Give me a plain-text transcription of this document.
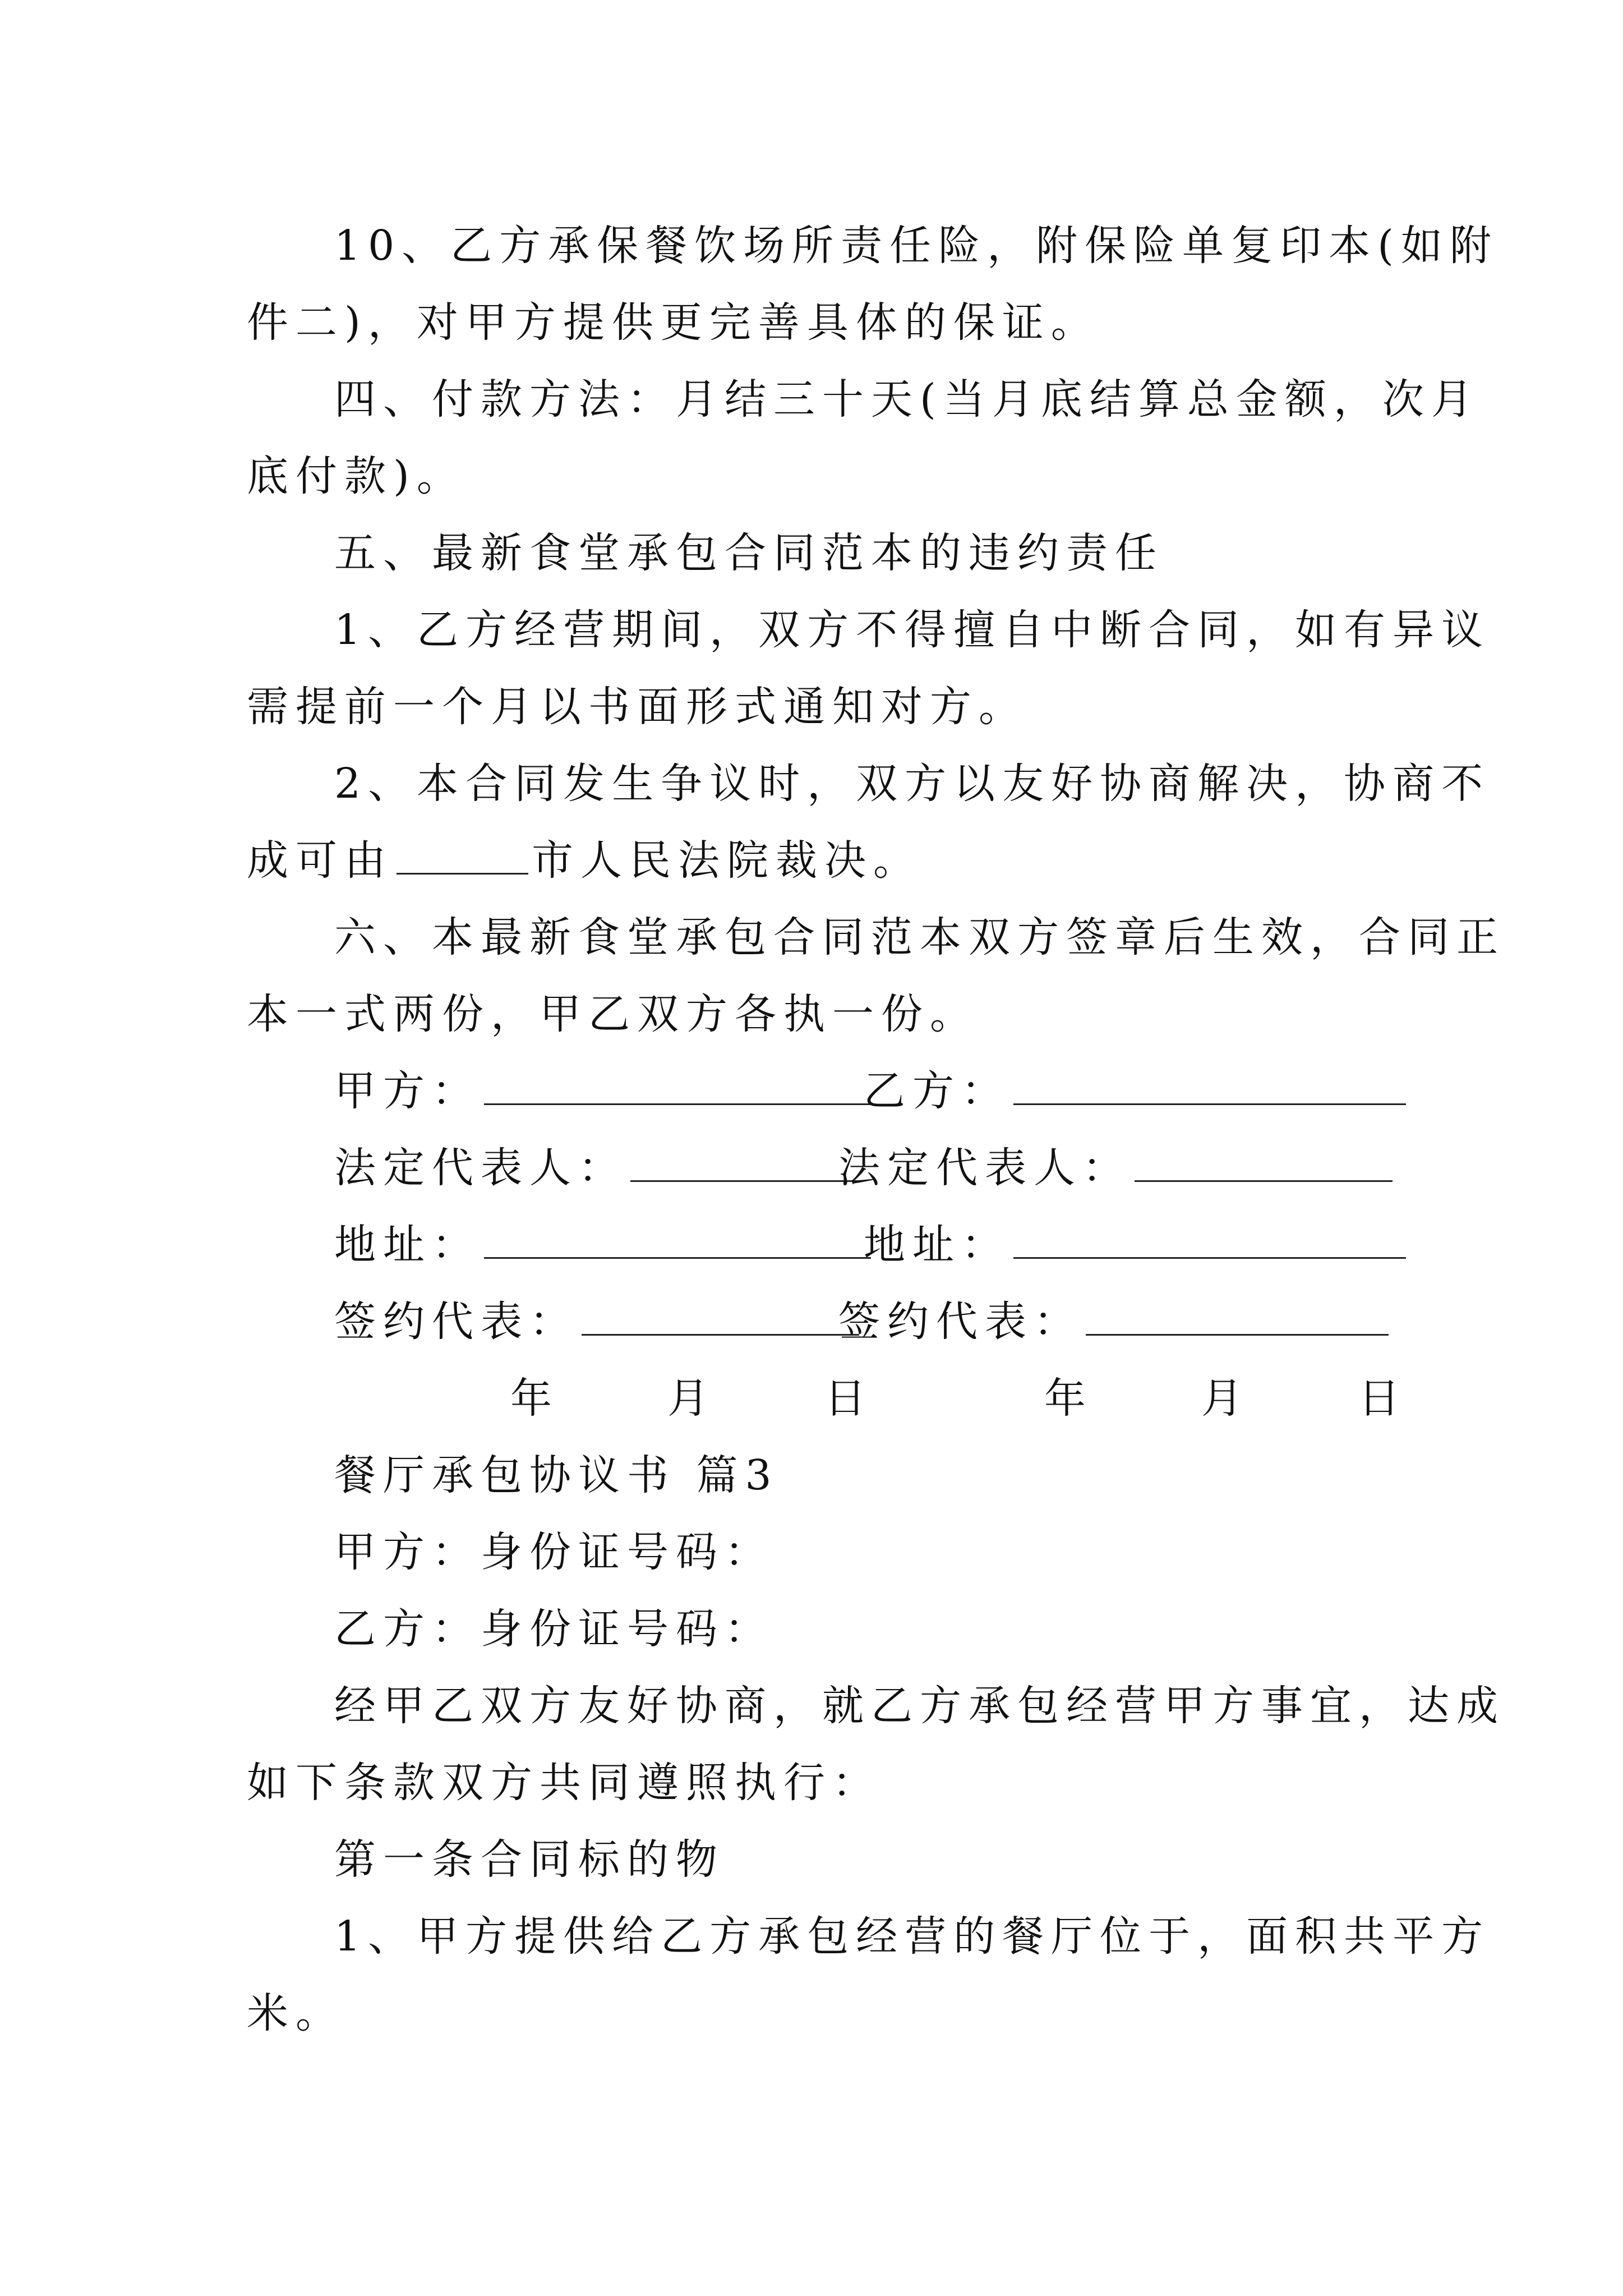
10、乙方承保餐饮场所责任险，附保险单复印本(如附
件二)，对甲方提供更完善具体的保证。
四、付款方法：月结三十天(当月底结算总金额，次月
底付款)。
五、最新食堂承包合同范本的违约责任
1、乙方经营期间，双方不得擅自中断合同，如有异议
需提前一个月以书面形式通知对方。
2、本合同发生争议时，双方以友好协商解决，协商不
成可由	市人民法院裁决。
六、本最新食堂承包合同范本双方签章后生效，合同正
本一式两份，甲乙双方各执一份。
甲方：	乙方：
法定代表人：	法定代表人：
地址：	地址：
签约代表：	签约代表：
年	月	日	年	月	日
餐厅承包协议书 篇3
甲方：身份证号码：
乙方：身份证号码：
经甲乙双方友好协商，就乙方承包经营甲方事宜，达成
如下条款双方共同遵照执行：
第一条合同标的物
1、甲方提供给乙方承包经营的餐厅位于，面积共平方
米。
